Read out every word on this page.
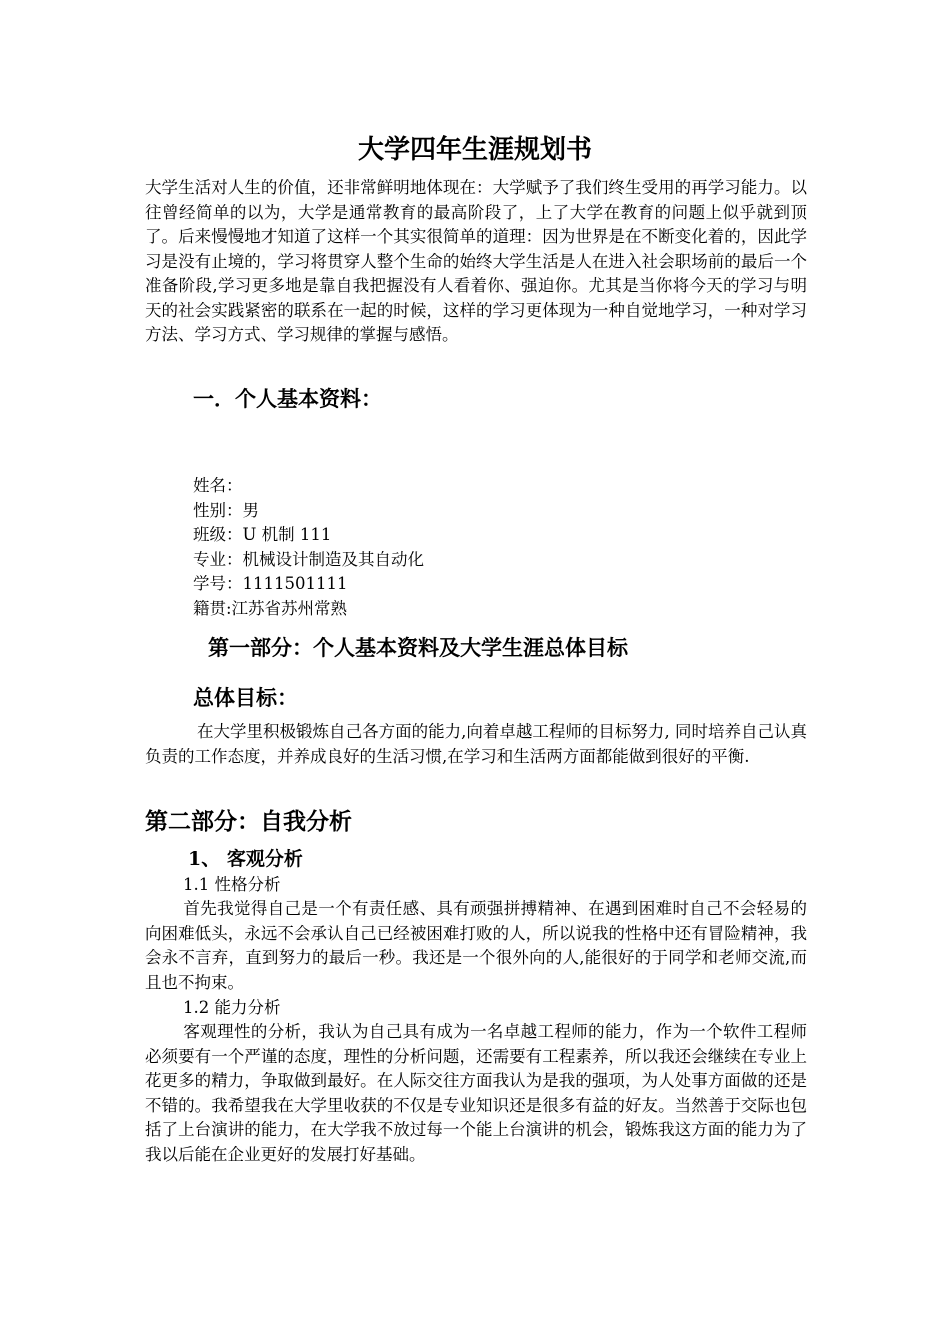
大学四年生涯规划书

大学生活对人生的价值，还非常鲜明地体现在：大学赋予了我们终生受用的再学习能力。以往曾经简单的以为，大学是通常教育的最高阶段了，上了大学在教育的问题上似乎就到顶了。后来慢慢地才知道了这样一个其实很简单的道理：因为世界是在不断变化着的，因此学习是没有止境的，学习将贯穿人整个生命的始终大学生活是人在进入社会职场前的最后一个准备阶段,学习更多地是靠自我把握没有人看着你、强迫你。尤其是当你将今天的学习与明天的社会实践紧密的联系在一起的时候，这样的学习更体现为一种自觉地学习，一种对学习方法、学习方式、学习规律的掌握与感悟。

一．个人基本资料：
姓名：
性别：男
班级：U 机制 111
专业：机械设计制造及其自动化
学号：1111501111
籍贯:江苏省苏州常熟
第一部分：个人基本资料及大学生涯总体目标
总体目标：

在大学里积极锻炼自己各方面的能力,向着卓越工程师的目标努力, 同时培养自己认真负责的工作态度，并养成良好的生活习惯,在学习和生活两方面都能做到很好的平衡.

第二部分：自我分析
1、 客观分析
1.1 性格分析

首先我觉得自己是一个有责任感、具有顽强拼搏精神、在遇到困难时自己不会轻易的向困难低头，永远不会承认自己已经被困难打败的人，所以说我的性格中还有冒险精神，我会永不言弃，直到努力的最后一秒。我还是一个很外向的人,能很好的于同学和老师交流,而且也不拘束。

1.2 能力分析

客观理性的分析，我认为自己具有成为一名卓越工程师的能力，作为一个软件工程师必须要有一个严谨的态度，理性的分析问题，还需要有工程素养，所以我还会继续在专业上花更多的精力，争取做到最好。在人际交往方面我认为是我的强项，为人处事方面做的还是不错的。我希望我在大学里收获的不仅是专业知识还是很多有益的好友。当然善于交际也包括了上台演讲的能力，在大学我不放过每一个能上台演讲的机会，锻炼我这方面的能力为了我以后能在企业更好的发展打好基础。
